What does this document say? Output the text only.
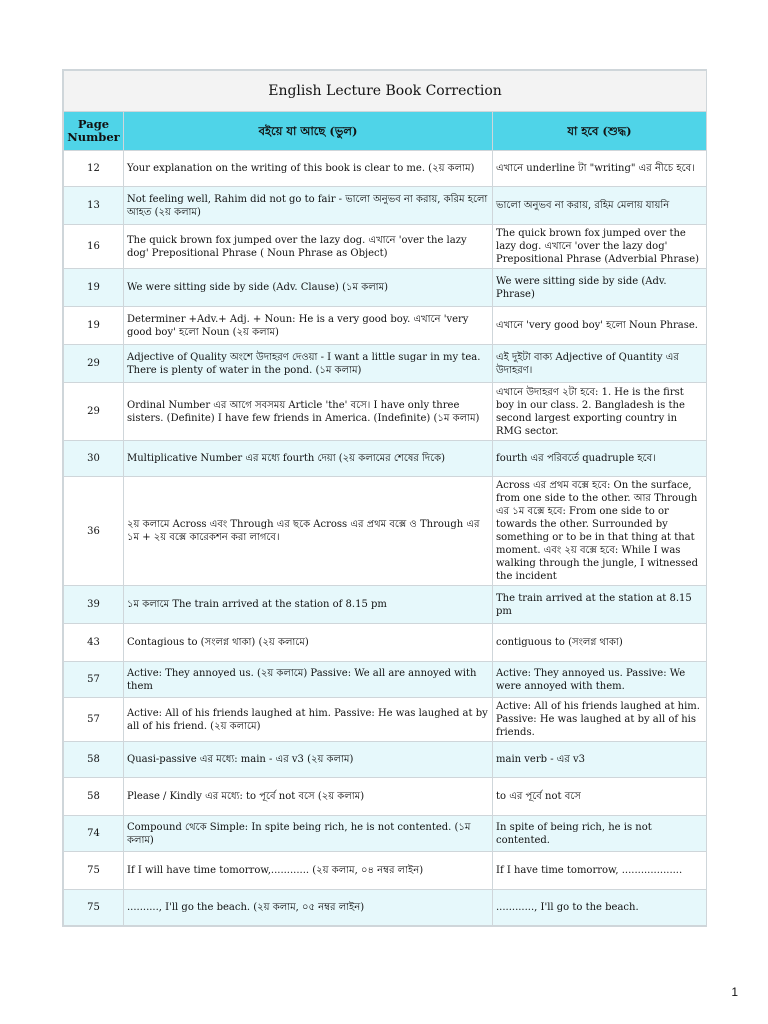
English Lecture Book Correction		
Page Number	বইয়ে যা আছে (ভুল)	যা হবে (শুদ্ধ)
12	Your explanation on the writing of this book is clear to me. (২য় কলাম)	এখানে underline টা "writing" এর নীচে হবে।
13	Not feeling well, Rahim did not go to fair - ভালো অনুভব না করায়, করিম হলো আহত (২য় কলাম)	ভালো অনুভব না করায়, রহিম মেলায় যায়নি
16	The quick brown fox jumped over the lazy dog. এখানে 'over the lazy dog' Prepositional Phrase ( Noun Phrase as Object)	The quick brown fox jumped over the lazy dog. এখানে 'over the lazy dog' Prepositional Phrase (Adverbial Phrase)
19	We were sitting side by side (Adv. Clause) (১ম কলাম)	We were sitting side by side (Adv. Phrase)
19	Determiner +Adv.+ Adj. + Noun: He is a very good boy. এখানে 'very good boy' হলো Noun (২য় কলাম)	এখানে 'very good boy' হলো Noun Phrase.
29	Adjective of Quality অংশে উদাহরণ দেওয়া - I want a little sugar in my tea. There is plenty of water in the pond. (১ম কলাম)	এই দুইটা বাক্য Adjective of Quantity এর উদাহরণ।
29	Ordinal Number এর আগে সবসময় Article 'the' বসে। I have only three sisters. (Definite) I have few friends in America. (Indefinite) (১ম কলাম)	এখানে উদাহরণ ২টা হবে: 1. He is the first boy in our class. 2. Bangladesh is the second largest exporting country in RMG sector.
30	Multiplicative Number এর মধ্যে fourth দেয়া (২য় কলামের শেষের দিকে)	fourth এর পরিবর্তে quadruple হবে।
36	২য় কলামে Across এবং Through এর ছকে Across এর প্রথম বক্সে ও Through এর ১ম + ২য় বক্সে কারেকশন করা লাগবে।	Across এর প্রথম বক্সে হবে: On the surface, from one side to the other. আর Through এর ১ম বক্সে হবে: From one side to or towards the other. Surrounded by something or to be in that thing at that moment. এবং ২য় বক্সে হবে: While I was walking through the jungle, I witnessed the incident
39	১ম কলামে The train arrived at the station of 8.15 pm	The train arrived at the station at 8.15 pm
43	Contagious to (সংলগ্ন থাকা) (২য় কলামে)	contiguous to (সংলগ্ন থাকা)
57	Active: They annoyed us. (২য় কলামে) Passive: We all are annoyed with them	Active: They annoyed us. Passive: We were annoyed with them.
57	Active: All of his friends laughed at him. Passive: He was laughed at by all of his friend. (২য় কলামে)	Active: All of his friends laughed at him. Passive: He was laughed at by all of his friends.
58	Quasi-passive এর মধ্যে: main - এর v3 (২য় কলাম)	main verb - এর v3
58	Please / Kindly এর মধ্যে: to পূর্বে not বসে (২য় কলাম)	to এর পূর্বে not বসে
74	Compound থেকে Simple: In spite being rich, he is not contented. (১ম কলাম)	In spite of being rich, he is not contented.
75	If I will have time tomorrow,............ (২য় কলাম, ০৪ নম্বর লাইন)	If I have time tomorrow, ...................
75	.........., I'll go the beach. (২য় কলাম, ০৫ নম্বর লাইন)	............, I'll go to the beach.
1
